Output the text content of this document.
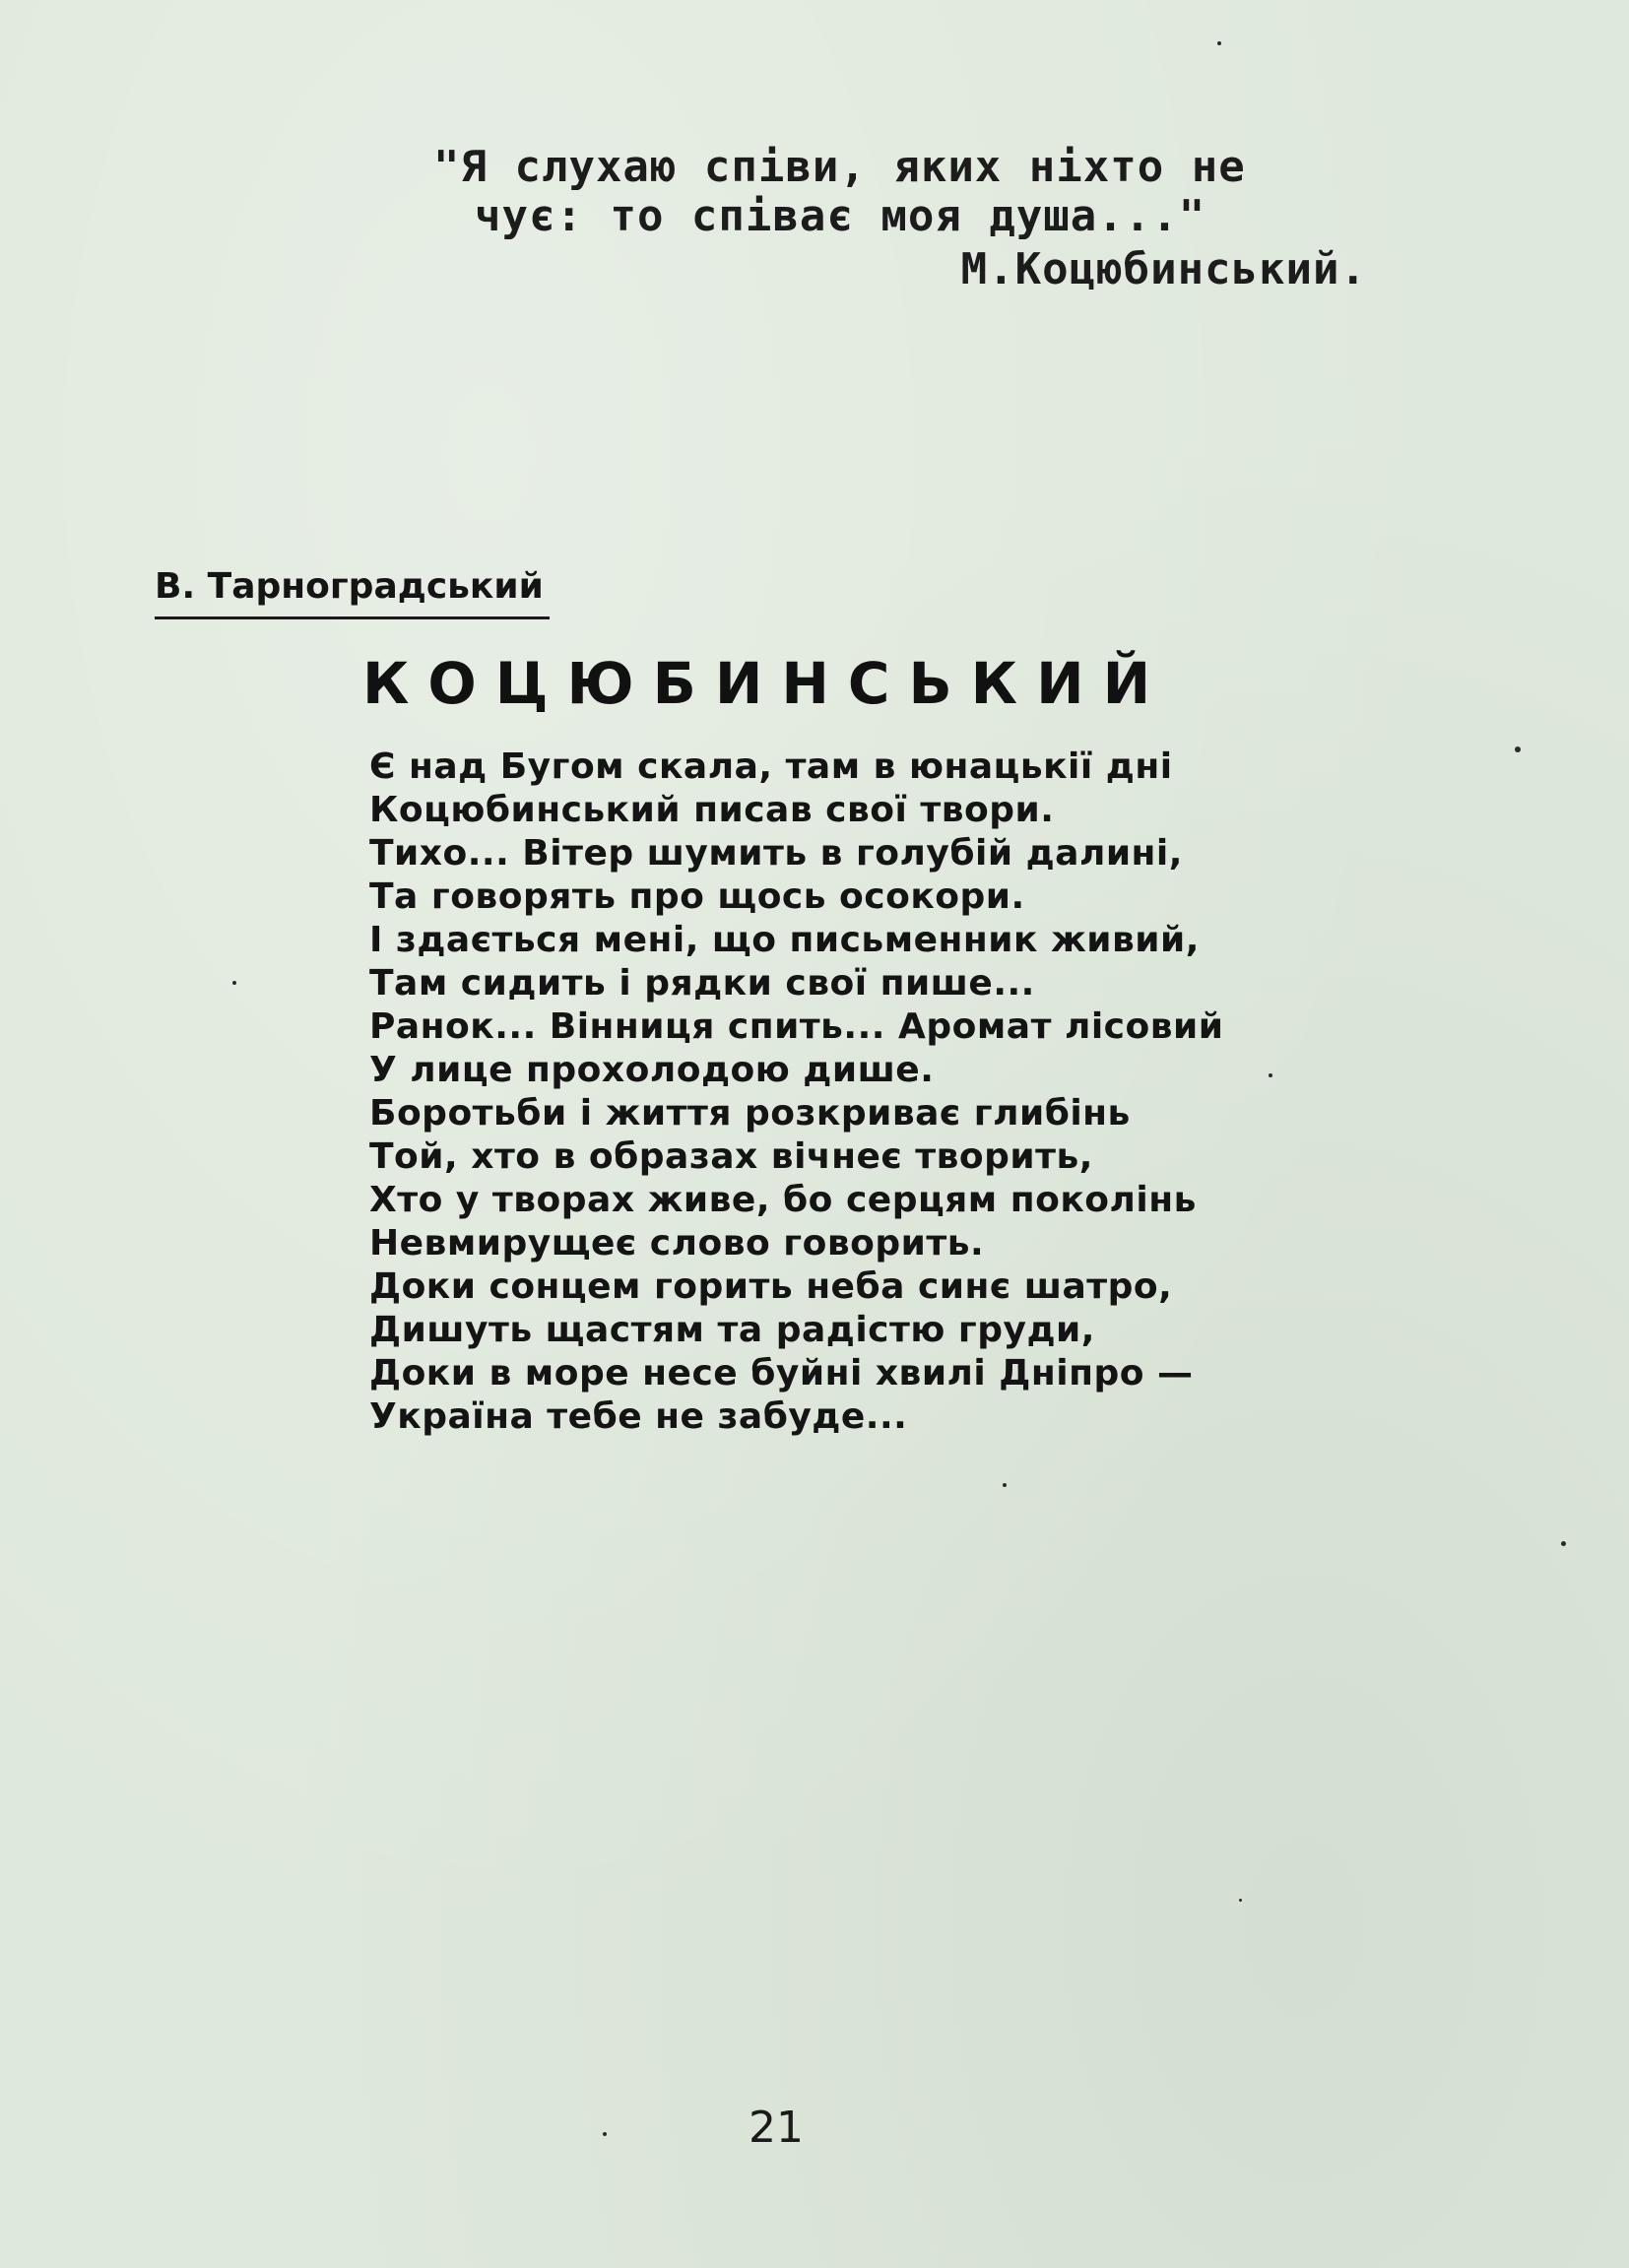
"Я слухаю співи, яких ніхто не
чує: то співає моя душа..."
М.Коцюбинський.
В. Тарноградський
КОЦЮБИНСЬКИЙ
Є над Бугом скала, там в юнацькії дні
Коцюбинський писав свої твори.
Тихо... Вітер шумить в голубій далині,
Та говорять про щось осокори.
І здається мені, що письменник живий,
Там сидить і рядки свої пише...
Ранок... Вінниця спить... Аромат лісовий
У лице прохолодою дише.
Боротьби і життя розкриває глибінь
Той, хто в образах вічнеє творить,
Хто у творах живе, бо серцям поколінь
Невмирущеє слово говорить.
Доки сонцем горить неба синє шатро,
Дишуть щастям та радістю груди,
Доки в море несе буйні хвилі Дніпро —
Україна тебе не забуде...
21
